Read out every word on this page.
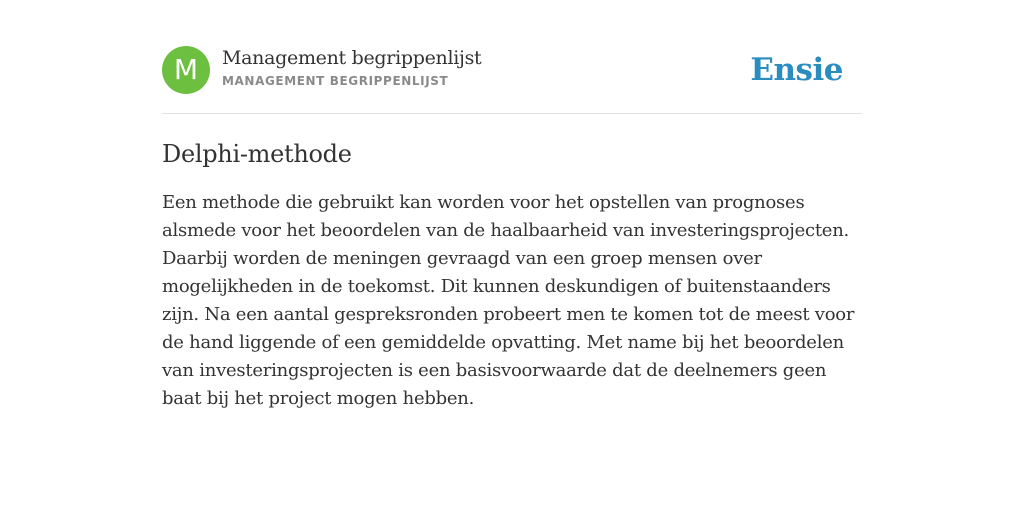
M	Management begrippenlijst
MANAGEMENT BEGRIPPENLIJST	Ensie
Delphi-methode
Een methode die gebruikt kan worden voor het opstellen van prognoses alsmede voor het beoordelen van de haalbaarheid van investeringsprojecten. Daarbij worden de meningen gevraagd van een groep mensen over mogelijkheden in de toekomst. Dit kunnen deskundigen of buitenstaanders zijn. Na een aantal gespreksronden probeert men te komen tot de meest voor de hand liggende of een gemiddelde opvatting. Met name bij het beoordelen van investeringsprojecten is een basisvoorwaarde dat de deelnemers geen baat bij het project mogen hebben.
